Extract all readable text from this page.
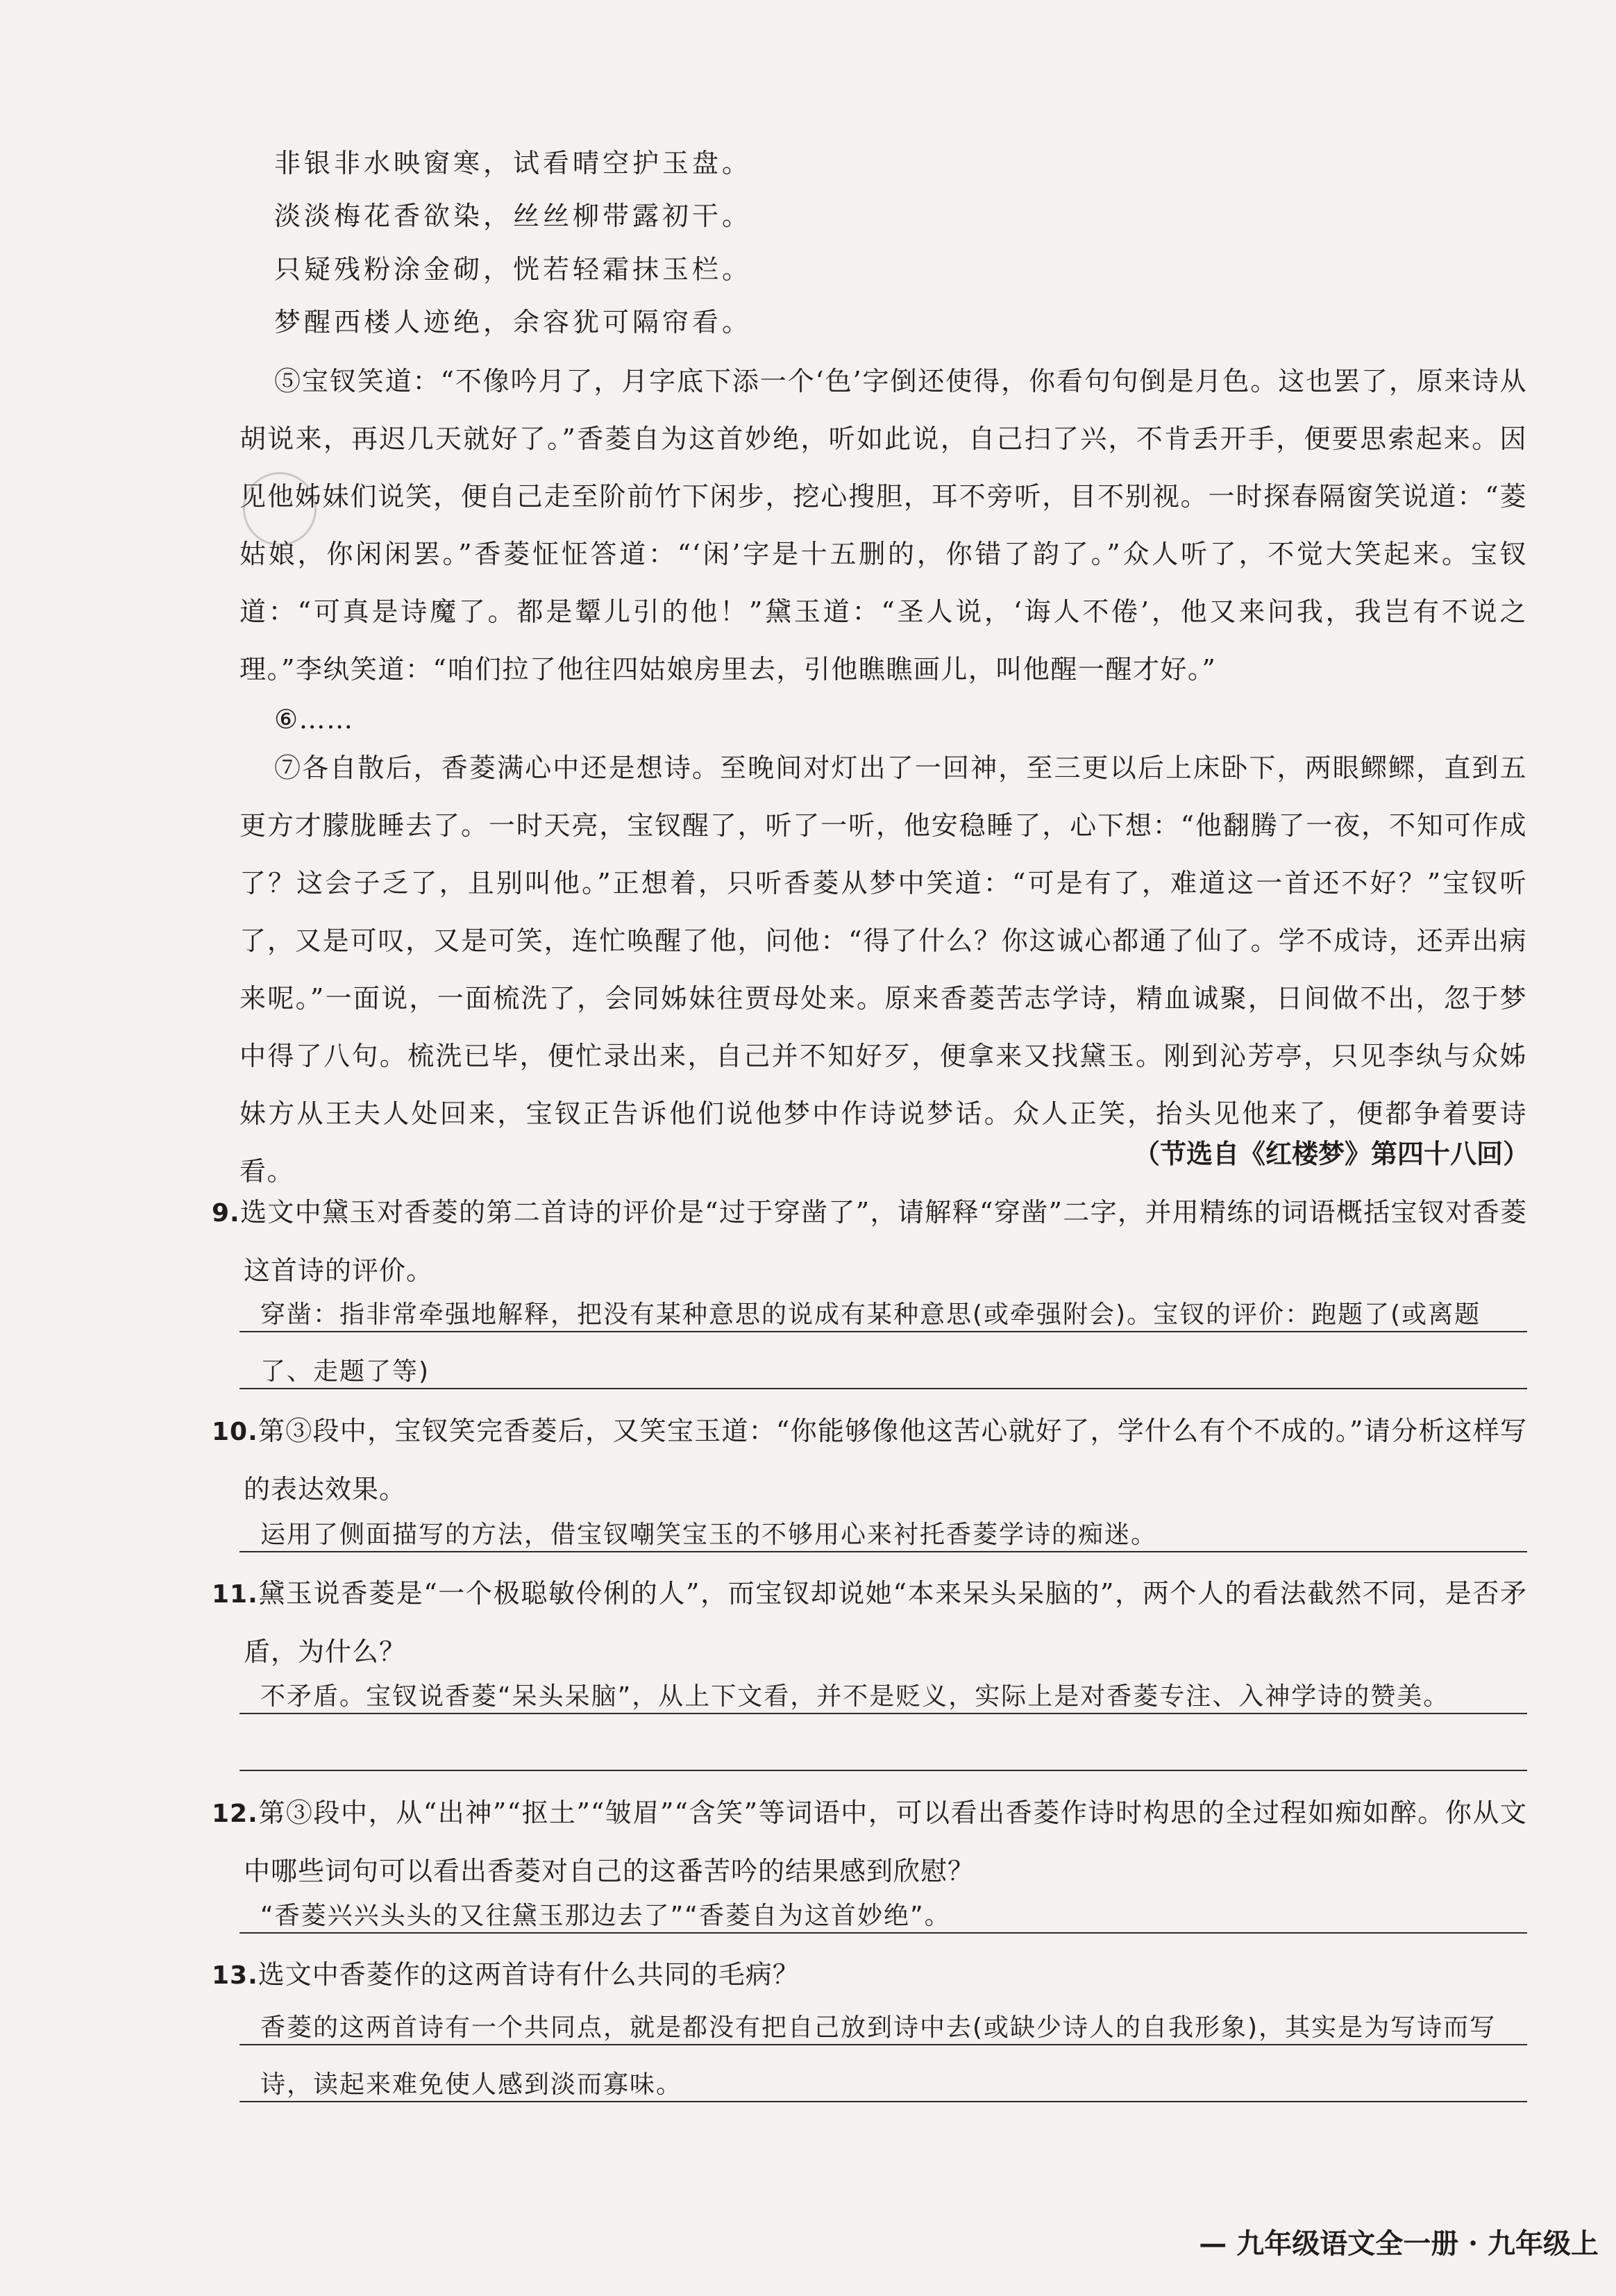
非银非水映窗寒，试看晴空护玉盘。
淡淡梅花香欲染，丝丝柳带露初干。
只疑残粉涂金砌，恍若轻霜抹玉栏。
梦醒西楼人迹绝，余容犹可隔帘看。
⑤宝钗笑道：“不像吟月了，月字底下添一个‘色’字倒还使得，你看句句倒是月色。这也罢了，原来诗从胡说来，再迟几天就好了。”香菱自为这首妙绝，听如此说，自己扫了兴，不肯丢开手，便要思索起来。因见他姊妹们说笑，便自己走至阶前竹下闲步，挖心搜胆，耳不旁听，目不别视。一时探春隔窗笑说道：“菱姑娘，你闲闲罢。”香菱怔怔答道：“‘闲’字是十五删的，你错了韵了。”众人听了，不觉大笑起来。宝钗道：“可真是诗魔了。都是颦儿引的他！”黛玉道：“圣人说，‘诲人不倦’，他又来问我，我岂有不说之理。”李纨笑道：“咱们拉了他往四姑娘房里去，引他瞧瞧画儿，叫他醒一醒才好。”
⑥……
⑦各自散后，香菱满心中还是想诗。至晚间对灯出了一回神，至三更以后上床卧下，两眼鳏鳏，直到五更方才朦胧睡去了。一时天亮，宝钗醒了，听了一听，他安稳睡了，心下想：“他翻腾了一夜，不知可作成了？这会子乏了，且别叫他。”正想着，只听香菱从梦中笑道：“可是有了，难道这一首还不好？”宝钗听了，又是可叹，又是可笑，连忙唤醒了他，问他：“得了什么？你这诚心都通了仙了。学不成诗，还弄出病来呢。”一面说，一面梳洗了，会同姊妹往贾母处来。原来香菱苦志学诗，精血诚聚，日间做不出，忽于梦中得了八句。梳洗已毕，便忙录出来，自己并不知好歹，便拿来又找黛玉。刚到沁芳亭，只见李纨与众姊妹方从王夫人处回来，宝钗正告诉他们说他梦中作诗说梦话。众人正笑，抬头见他来了，便都争着要诗看。
（节选自《红楼梦》第四十八回）
9.选文中黛玉对香菱的第二首诗的评价是“过于穿凿了”，请解释“穿凿”二字，并用精练的词语概括宝钗对香菱这首诗的评价。
穿凿：指非常牵强地解释，把没有某种意思的说成有某种意思(或牵强附会)。宝钗的评价：跑题了(或离题了、走题了等)
10.第③段中，宝钗笑完香菱后，又笑宝玉道：“你能够像他这苦心就好了，学什么有个不成的。”请分析这样写的表达效果。
运用了侧面描写的方法，借宝钗嘲笑宝玉的不够用心来衬托香菱学诗的痴迷。
11.黛玉说香菱是“一个极聪敏伶俐的人”，而宝钗却说她“本来呆头呆脑的”，两个人的看法截然不同，是否矛盾，为什么？
不矛盾。宝钗说香菱“呆头呆脑”，从上下文看，并不是贬义，实际上是对香菱专注、入神学诗的赞美。
12.第③段中，从“出神”“抠土”“皱眉”“含笑”等词语中，可以看出香菱作诗时构思的全过程如痴如醉。你从文中哪些词句可以看出香菱对自己的这番苦吟的结果感到欣慰？
“香菱兴兴头头的又往黛玉那边去了”“香菱自为这首妙绝”。
13.选文中香菱作的这两首诗有什么共同的毛病？
香菱的这两首诗有一个共同点，就是都没有把自己放到诗中去(或缺少诗人的自我形象)，其实是为写诗而写诗，读起来难免使人感到淡而寡味。
— 九年级语文全一册 · 九年级上
